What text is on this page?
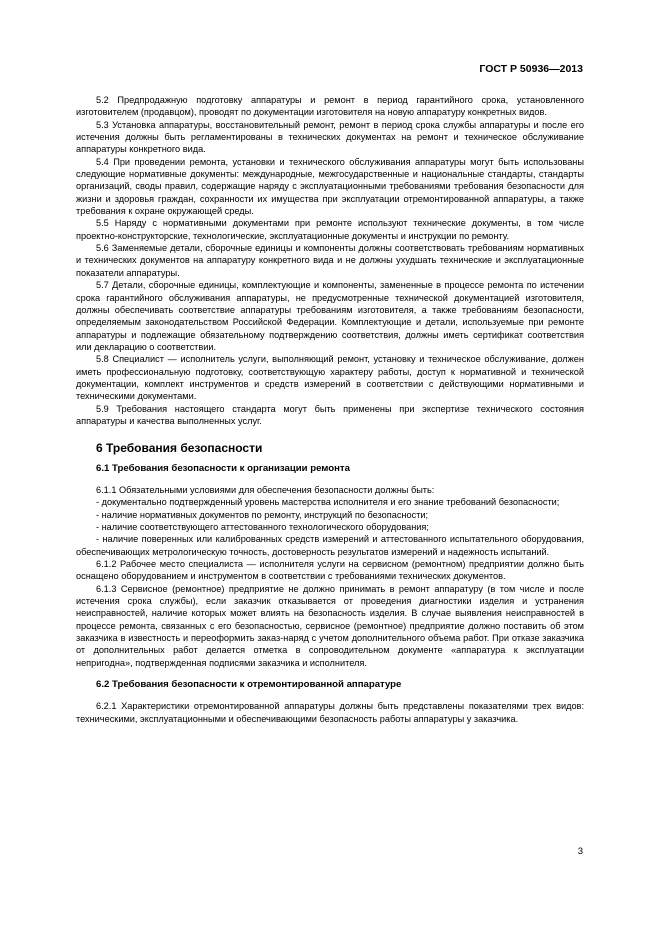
ГОСТ Р 50936—2013

5.2 Предпродажную подготовку аппаратуры и ремонт в период гарантийного срока, установленного изготовителем (продавцом), проводят по документации изготовителя на новую аппаратуру конкретных видов.

5.3 Установка аппаратуры, восстановительный ремонт, ремонт в период срока службы аппаратуры и после его истечения должны быть регламентированы в технических документах на ремонт и техническое обслуживание аппаратуры конкретного вида.

5.4 При проведении ремонта, установки и технического обслуживания аппаратуры могут быть использованы следующие нормативные документы: международные, межгосударственные и национальные стандарты, стандарты организаций, своды правил, содержащие наряду с эксплуатационными требованиями требования безопасности для жизни и здоровья граждан, сохранности их имущества при эксплуатации отремонтированной аппаратуры, а также требования к охране окружающей среды.

5.5 Наряду с нормативными документами при ремонте используют технические документы, в том числе проектно-конструкторские, технологические, эксплуатационные документы и инструкции по ремонту.

5.6 Заменяемые детали, сборочные единицы и компоненты должны соответствовать требованиям нормативных и технических документов на аппаратуру конкретного вида и не должны ухудшать технические и эксплуатационные показатели аппаратуры.

5.7 Детали, сборочные единицы, комплектующие и компоненты, замененные в процессе ремонта по истечении срока гарантийного обслуживания аппаратуры, не предусмотренные технической документацией изготовителя, должны обеспечивать соответствие аппаратуры требованиям изготовителя, а также требованиям безопасности, определяемым законодательством Российской Федерации. Комплектующие и детали, используемые при ремонте аппаратуры и подлежащие обязательному подтверждению соответствия, должны иметь сертификат соответствия или декларацию о соответствии.

5.8 Специалист — исполнитель услуги, выполняющий ремонт, установку и техническое обслуживание, должен иметь профессиональную подготовку, соответствующую характеру работы, доступ к нормативной и технической документации, комплект инструментов и средств измерений в соответствии с действующими нормативными и техническими документами.

5.9 Требования настоящего стандарта могут быть применены при экспертизе технического состояния аппаратуры и качества выполненных услуг.

6 Требования безопасности
6.1 Требования безопасности к организации ремонта

6.1.1 Обязательными условиями для обеспечения безопасности должны быть:

- документально подтвержденный уровень мастерства исполнителя и его знание требований безопасности;

- наличие нормативных документов по ремонту, инструкций по безопасности;

- наличие соответствующего аттестованного технологического оборудования;

- наличие поверенных или калиброванных средств измерений и аттестованного испытательного оборудования, обеспечивающих метрологическую точность, достоверность результатов измерений и надежность испытаний.

6.1.2 Рабочее место специалиста — исполнителя услуги на сервисном (ремонтном) предприятии должно быть оснащено оборудованием и инструментом в соответствии с требованиями технических документов.

6.1.3 Сервисное (ремонтное) предприятие не должно принимать в ремонт аппаратуру (в том числе и после истечения срока службы), если заказчик отказывается от проведения диагностики изделия и устранения неисправностей, наличие которых может влиять на безопасность изделия. В случае выявления неисправностей в процессе ремонта, связанных с его безопасностью, сервисное (ремонтное) предприятие должно поставить об этом заказчика в известность и переоформить заказ-наряд с учетом дополнительного объема работ. При отказе заказчика от дополнительных работ делается отметка в сопроводительном документе «аппаратура к эксплуатации непригодна», подтвержденная подписями заказчика и исполнителя.

6.2 Требования безопасности к отремонтированной аппаратуре

6.2.1 Характеристики отремонтированной аппаратуры должны быть представлены показателями трех видов: техническими, эксплуатационными и обеспечивающими безопасность работы аппаратуры у заказчика.

3
